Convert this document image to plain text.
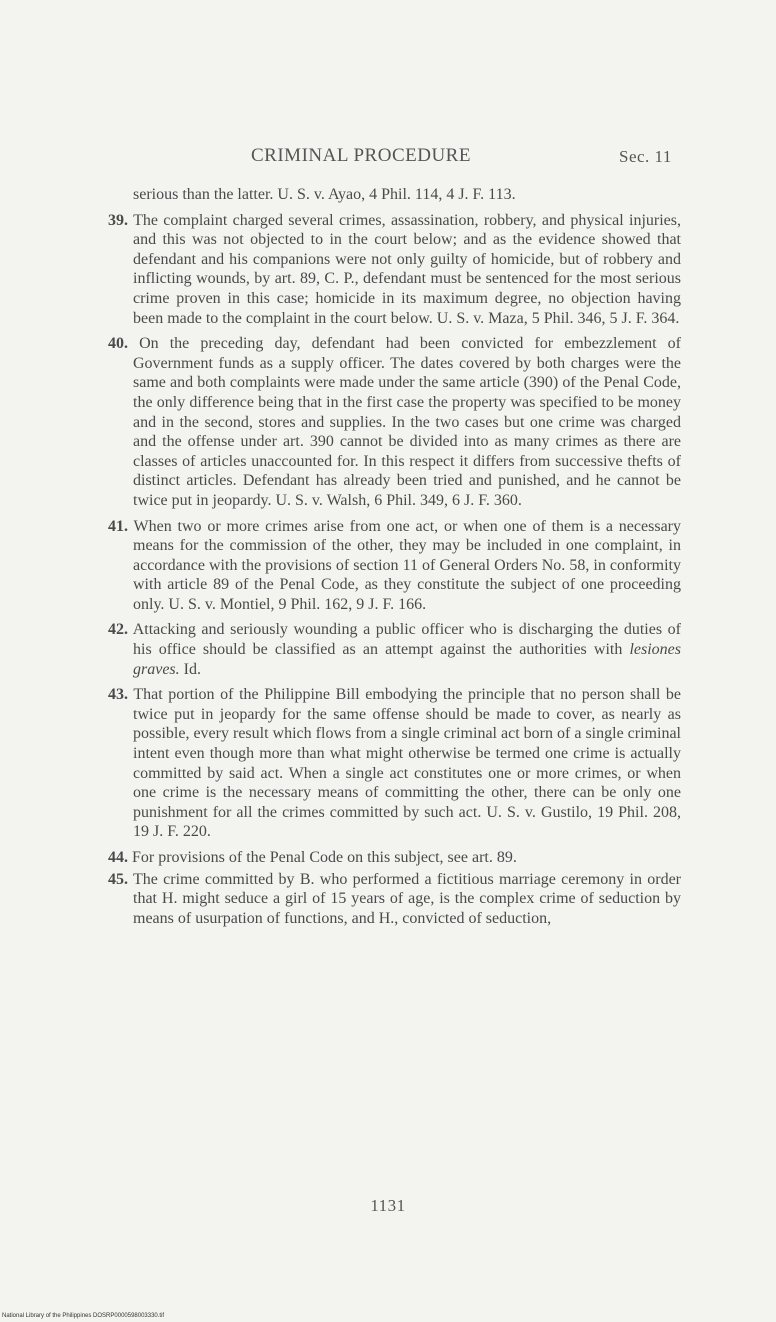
CRIMINAL PROCEDURE	Sec. 11

serious than the latter. U. S. v. Ayao, 4 Phil. 114, 4 J. F. 113.

39. The complaint charged several crimes, assassination, robbery, and physical injuries, and this was not objected to in the court below; and as the evidence showed that defendant and his companions were not only guilty of homicide, but of robbery and inflicting wounds, by art. 89, C. P., defendant must be sentenced for the most serious crime proven in this case; homicide in its maximum degree, no objection having been made to the complaint in the court below. U. S. v. Maza, 5 Phil. 346, 5 J. F. 364.

40. On the preceding day, defendant had been convicted for embezzlement of Government funds as a supply officer. The dates covered by both charges were the same and both complaints were made under the same article (390) of the Penal Code, the only difference being that in the first case the property was specified to be money and in the second, stores and supplies. In the two cases but one crime was charged and the offense under art. 390 cannot be divided into as many crimes as there are classes of articles unaccounted for. In this respect it differs from successive thefts of distinct articles. Defendant has already been tried and punished, and he cannot be twice put in jeopardy. U. S. v. Walsh, 6 Phil. 349, 6 J. F. 360.

41. When two or more crimes arise from one act, or when one of them is a necessary means for the commission of the other, they may be included in one complaint, in accordance with the provisions of section 11 of General Orders No. 58, in conformity with article 89 of the Penal Code, as they constitute the subject of one proceeding only. U. S. v. Montiel, 9 Phil. 162, 9 J. F. 166.

42. Attacking and seriously wounding a public officer who is discharging the duties of his office should be classified as an attempt against the authorities with lesiones graves. Id.

43. That portion of the Philippine Bill embodying the principle that no person shall be twice put in jeopardy for the same offense should be made to cover, as nearly as possible, every result which flows from a single criminal act born of a single criminal intent even though more than what might otherwise be termed one crime is actually committed by said act. When a single act constitutes one or more crimes, or when one crime is the necessary means of committing the other, there can be only one punishment for all the crimes committed by such act. U. S. v. Gustilo, 19 Phil. 208, 19 J. F. 220.

44. For provisions of the Penal Code on this subject, see art. 89.

45. The crime committed by B. who performed a fictitious marriage ceremony in order that H. might seduce a girl of 15 years of age, is the complex crime of seduction by means of usurpation of functions, and H., convicted of seduction,

1131
National Library of the Philippines DOSRP0000598003330.tif
